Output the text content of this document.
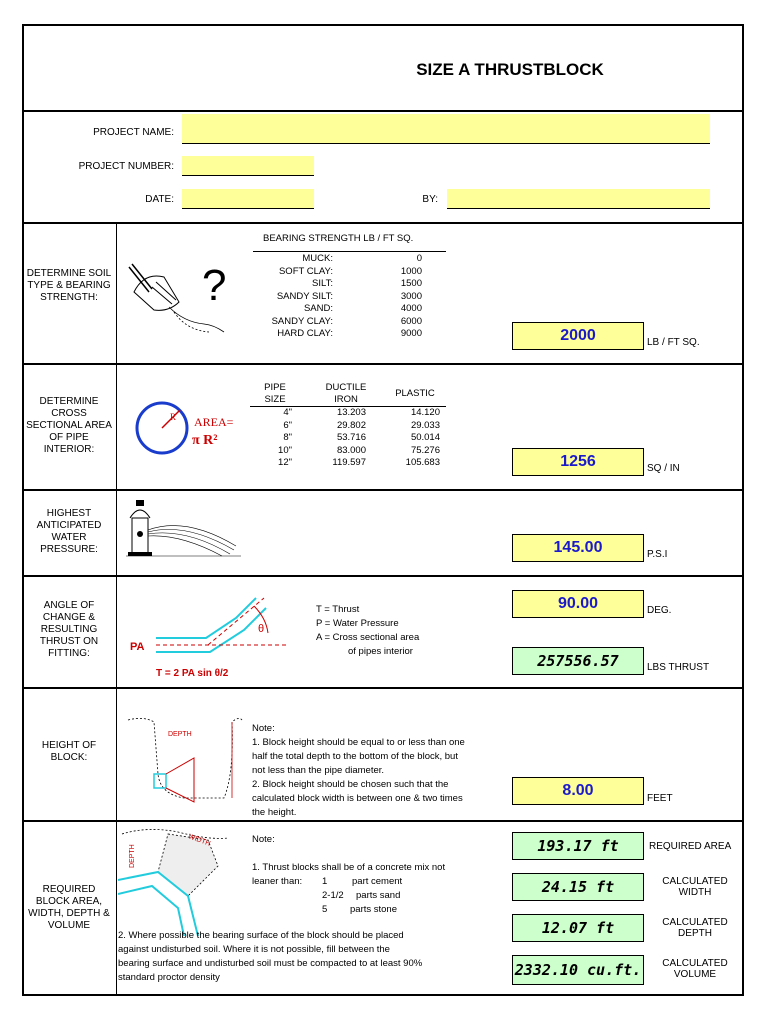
SIZE A THRUSTBLOCK
PROJECT NAME:
PROJECT NUMBER:
DATE:	BY:
DETERMINE SOIL TYPE & BEARING STRENGTH:	?
BEARING STRENGTH LB / FT SQ.
MUCK:	0	
SOFT CLAY:	1000	
SILT:	1500	
SANDY SILT:	3000	
SAND:	4000	
SANDY CLAY:	6000	
HARD CLAY:	9000		2000	LB / FT SQ.
DETERMINE CROSS SECTIONAL AREA OF PIPE INTERIOR:
R AREA=
π R²
PIPE SIZE
DUCTILE IRON
PLASTIC
4"	13.203	14.120
6"	29.802	29.033
8"	53.716	50.014
10"	83.000	75.276
12"	119.597	105.683	1256	SQ / IN
HIGHEST ANTICIPATED WATER PRESSURE:	145.00	P.S.I
ANGLE OF CHANGE & RESULTING THRUST ON FITTING:
θ
PA
T = 2 PA sin θ/2
T = Thrust
P = Water Pressure
A = Cross sectional area
of pipes interior
90.00	DEG.
257556.57	LBS THRUST
HEIGHT OF BLOCK:
DEPTH
Note:
1. Block height should be equal to or less than one
half the total depth to the bottom of the block, but
not less than the pipe diameter.
2. Block height should be chosen such that the
calculated block width is between one & two times
the height.
8.00	FEET
REQUIRED BLOCK AREA, WIDTH, DEPTH & VOLUME
WIDTH
DEPTH
Note:
1. Thrust blocks shall be of a concrete mix not
leaner than: 1	part cement
2-1/2 parts sand
5 parts stone
2. Where possible the bearing surface of the block should be placed
against undisturbed soil. Where it is not possible, fill between the
bearing surface and undisturbed soil must be compacted to at least 90%
standard proctor density
193.17 ft	REQUIRED AREA
24.15 ft	CALCULATED WIDTH
12.07 ft	CALCULATED DEPTH
2332.10 cu.ft.	CALCULATED VOLUME
